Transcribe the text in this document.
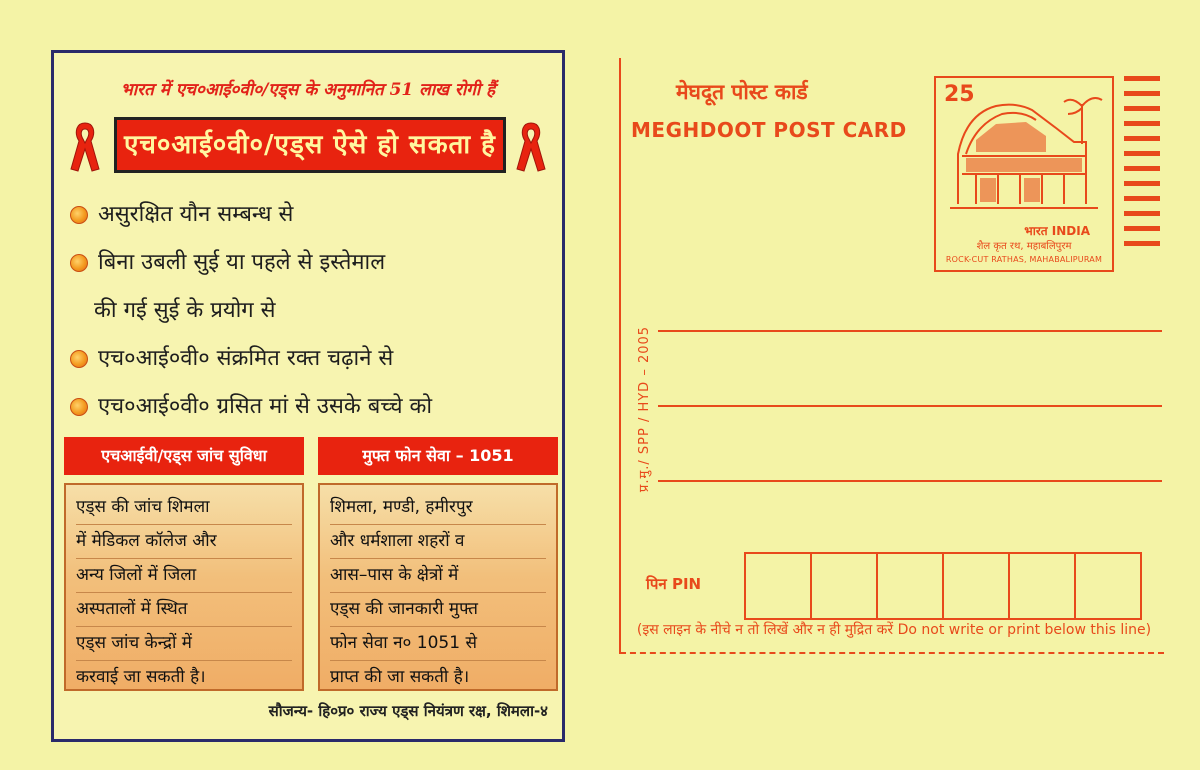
भारत में एच०आई०वी०/एड्स के अनुमानित 51 लाख रोगी हैं
एच०आई०वी०/एड्स ऐसे हो सकता है
असुरक्षित यौन सम्बन्ध से
बिना उबली सुई या पहले से इस्तेमाल
की गई सुई के प्रयोग से
एच०आई०वी० संक्रमित रक्त चढ़ाने से
एच०आई०वी० ग्रसित मां से उसके बच्चे को
एचआईवी/एड्स जांच सुविधा	मुफ्त फोन सेवा – 1051
एड्स की जांच शिमला
में मेडिकल कॉलेज और
अन्य जिलों में जिला
अस्पतालों में स्थित
एड्स जांच केन्द्रों में
करवाई जा सकती है।
शिमला, मण्डी, हमीरपुर
और धर्मशाला शहरों व
आस–पास के क्षेत्रों में
एड्स की जानकारी मुफ्त
फोन सेवा न० 1051 से
प्राप्त की जा सकती है।
सौजन्य- हि०प्र० राज्य एड्स नियंत्रण रक्ष, शिमला-४
प्र.मु./ SPP / HYD – 2005
मेघदूत पोस्ट कार्ड
MEGHDOOT POST CARD
25
भारत INDIA
शैल कृत रथ, महाबलिपुरम
ROCK-CUT RATHAS, MAHABALIPURAM
पिन PIN
(इस लाइन के नीचे न तो लिखें और न ही मुद्रित करें Do not write or print below this line)
